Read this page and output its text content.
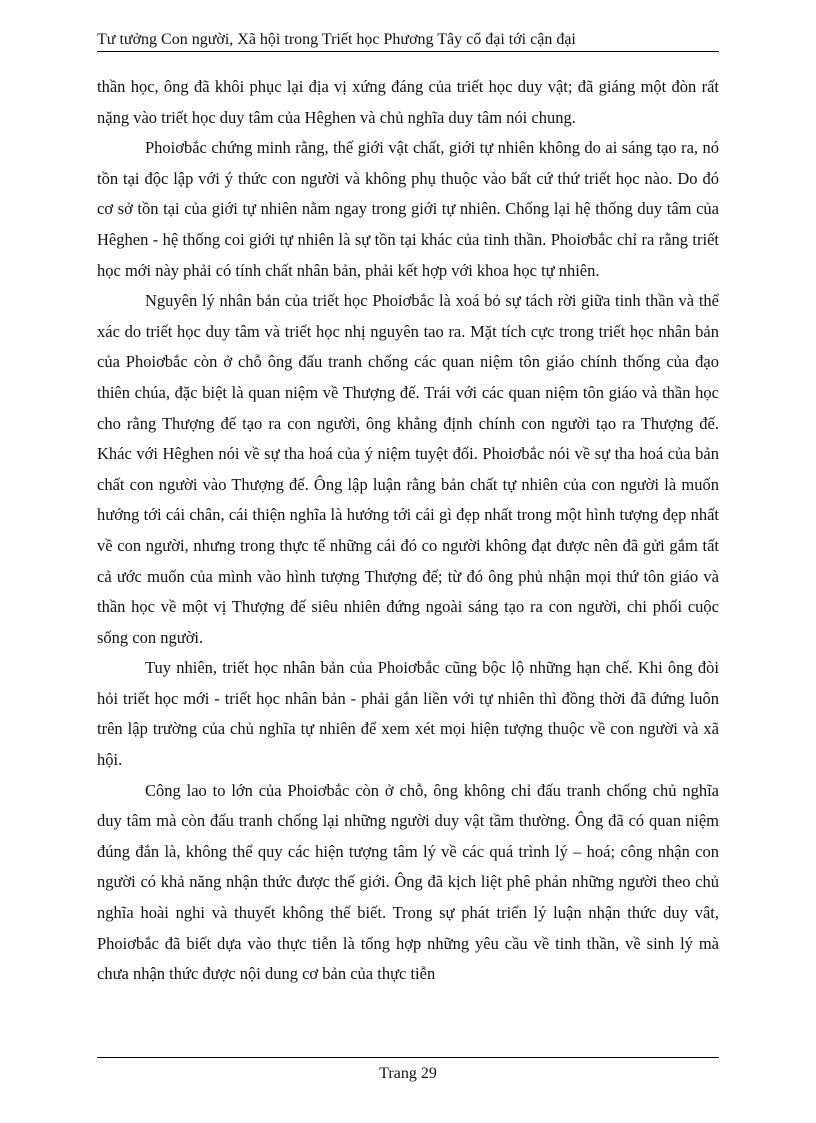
Tư tưởng Con người, Xã hội trong Triết học Phương Tây cổ đại tới cận đại

thần học, ông đã khôi phục lại địa vị xứng đáng của triết học duy vật; đã giáng một đòn rất nặng vào triết học duy tâm của Hêghen và chủ nghĩa duy tâm nói chung.

Phoiơbắc chứng minh rằng, thế giới vật chất, giới tự nhiên không do ai sáng tạo ra, nó tồn tại độc lập với ý thức con người và không phụ thuộc vào bất cứ thứ triết học nào. Do đó cơ sở tồn tại của giới tự nhiên nằm ngay trong giới tự nhiên. Chống lại hệ thống duy tâm của Hêghen - hệ thống coi giới tự nhiên là sự tồn tại khác của tinh thần. Phoiơbắc chỉ ra rằng triết học mới này phải có tính chất nhân bản, phải kết hợp với khoa học tự nhiên.

Nguyên lý nhân bản của triết học Phoiơbắc là xoá bỏ sự tách rời giữa tinh thần và thể xác do triết học duy tâm và triết học nhị nguyên tao ra. Mặt tích cực trong triết học nhân bản của Phoiơbắc còn ở chỗ ông đấu tranh chống các quan niệm tôn giáo chính thống của đạo thiên chúa, đặc biệt là quan niệm về Thượng đế. Trái với các quan niệm tôn giáo và thần học cho rằng Thượng đế tạo ra con người, ông khẳng định chính con người tạo ra Thượng đế. Khác với Hêghen nói về sự tha hoá của ý niệm tuyệt đối. Phoiơbắc nói về sự tha hoá của bản chất con người vào Thượng đế. Ông lập luận rằng bản chất tự nhiên của con người là muốn hướng tới cái chân, cái thiện nghĩa là hướng tới cái gì đẹp nhất trong một hình tượng đẹp nhất về con người, nhưng trong thực tế những cái đó co người không đạt được nên đã gửi gắm tất cả ước muốn của mình vào hình tượng Thượng đế; từ đó ông phủ nhận mọi thứ tôn giáo và thần học về một vị Thượng đế siêu nhiên đứng ngoài sáng tạo ra con người, chi phối cuộc sống con người.

Tuy nhiên, triết học nhân bản của Phoiơbắc cũng bộc lộ những hạn chế. Khi ông đòi hỏi triết học mới - triết học nhân bản - phải gắn liền với tự nhiên thì đồng thời đã đứng luôn trên lập trường của chủ nghĩa tự nhiên để xem xét mọi hiện tượng thuộc về con người và xã hội.

Công lao to lớn của Phoiơbắc còn ở chỗ, ông không chỉ đấu tranh chống chủ nghĩa duy tâm mà còn đấu tranh chống lại những người duy vật tầm thường. Ông đã có quan niệm đúng đắn là, không thể quy các hiện tượng tâm lý về các quá trình lý – hoá; công nhận con người có khả năng nhận thức được thế giới. Ông đã kịch liệt phê phán những người theo chủ nghĩa hoài nghi và thuyết không thể biết. Trong sự phát triển lý luận nhận thức duy vât, Phoiơbắc đã biết dựa vào thực tiễn là tổng hợp những yêu cầu về tinh thần, về sinh lý mà chưa nhận thức được nội dung cơ bản của thực tiễn

Trang 29
